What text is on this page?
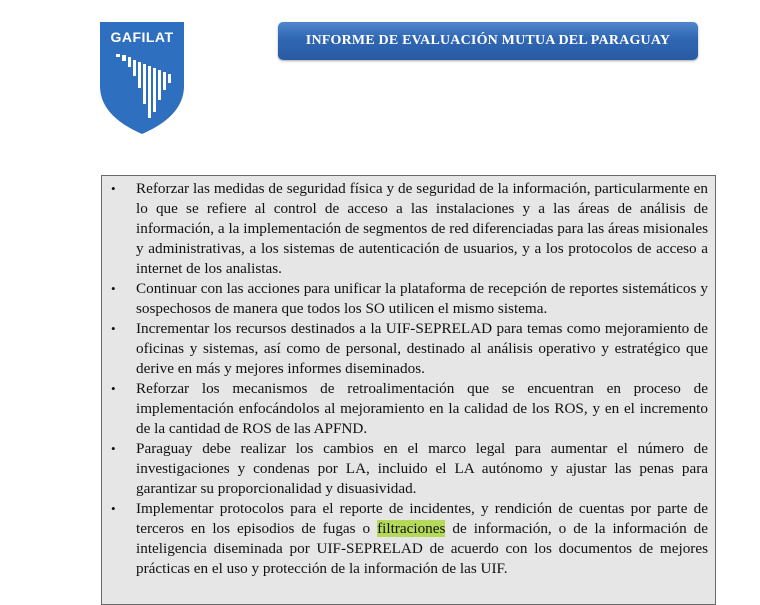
GAFILAT	INFORME DE EVALUACIÓN MUTUA DEL PARAGUAY
• Reforzar las medidas de seguridad física y de seguridad de la información, particularmente en lo que se refiere al control de acceso a las instalaciones y a las áreas de análisis de información, a la implementación de segmentos de red diferenciadas para las áreas misionales y administrativas, a los sistemas de autenticación de usuarios, y a los protocolos de acceso a internet de los analistas.
• Continuar con las acciones para unificar la plataforma de recepción de reportes sistemáticos y sospechosos de manera que todos los SO utilicen el mismo sistema.
• Incrementar los recursos destinados a la UIF-SEPRELAD para temas como mejoramiento de oficinas y sistemas, así como de personal, destinado al análisis operativo y estratégico que derive en más y mejores informes diseminados.
• Reforzar los mecanismos de retroalimentación que se encuentran en proceso de implementación enfocándolos al mejoramiento en la calidad de los ROS, y en el incremento de la cantidad de ROS de las APFND.
• Paraguay debe realizar los cambios en el marco legal para aumentar el número de investigaciones y condenas por LA, incluido el LA autónomo y ajustar las penas para garantizar su proporcionalidad y disuasividad.
• Implementar protocolos para el reporte de incidentes, y rendición de cuentas por parte de terceros en los episodios de fugas o filtraciones de información, o de la información de inteligencia diseminada por UIF-SEPRELAD de acuerdo con los documentos de mejores prácticas en el uso y protección de la información de las UIF.
